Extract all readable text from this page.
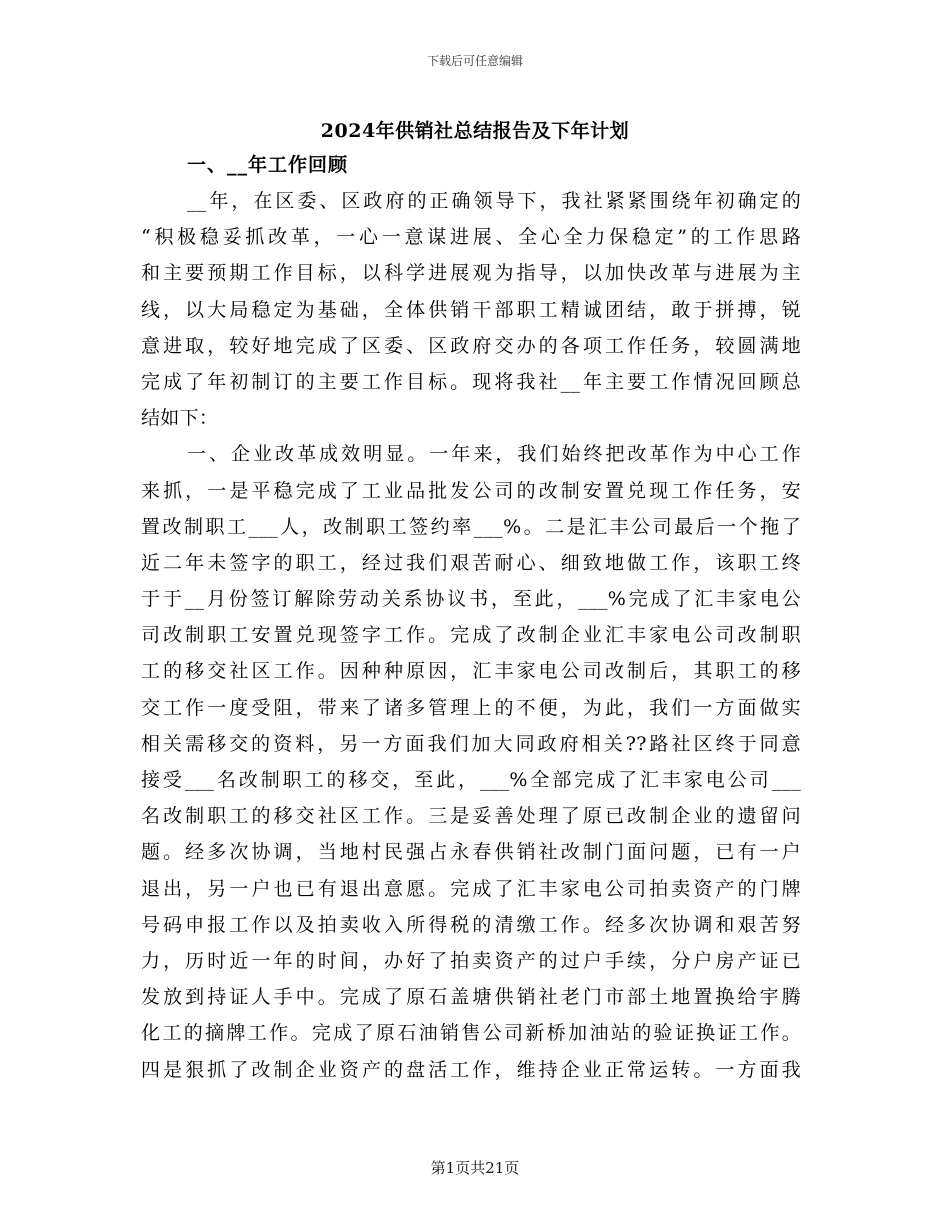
下载后可任意编辑
2024年供销社总结报告及下年计划
一、__年工作回顾
__年，在区委、区政府的正确领导下，我社紧紧围绕年初确定的
“积极稳妥抓改革，一心一意谋进展、全心全力保稳定”的工作思路
和主要预期工作目标，以科学进展观为指导，以加快改革与进展为主
线，以大局稳定为基础，全体供销干部职工精诚团结，敢于拼搏，锐
意进取，较好地完成了区委、区政府交办的各项工作任务，较圆满地
完成了年初制订的主要工作目标。现将我社__年主要工作情况回顾总
结如下：
一、企业改革成效明显。一年来，我们始终把改革作为中心工作
来抓，一是平稳完成了工业品批发公司的改制安置兑现工作任务，安
置改制职工___人，改制职工签约率___%。二是汇丰公司最后一个拖了
近二年未签字的职工，经过我们艰苦耐心、细致地做工作，该职工终
于于__月份签订解除劳动关系协议书，至此，___%完成了汇丰家电公
司改制职工安置兑现签字工作。完成了改制企业汇丰家电公司改制职
工的移交社区工作。因种种原因，汇丰家电公司改制后，其职工的移
交工作一度受阻，带来了诸多管理上的不便，为此，我们一方面做实
相关需移交的资料，另一方面我们加大同政府相关??路社区终于同意
接受___名改制职工的移交，至此，___%全部完成了汇丰家电公司___
名改制职工的移交社区工作。三是妥善处理了原已改制企业的遗留问
题。经多次协调，当地村民强占永春供销社改制门面问题，已有一户
退出，另一户也已有退出意愿。完成了汇丰家电公司拍卖资产的门牌
号码申报工作以及拍卖收入所得税的清缴工作。经多次协调和艰苦努
力，历时近一年的时间，办好了拍卖资产的过户手续，分户房产证已
发放到持证人手中。完成了原石盖塘供销社老门市部土地置换给宇腾
化工的摘牌工作。完成了原石油销售公司新桥加油站的验证换证工作。
四是狠抓了改制企业资产的盘活工作，维持企业正常运转。一方面我
第1页共21页
